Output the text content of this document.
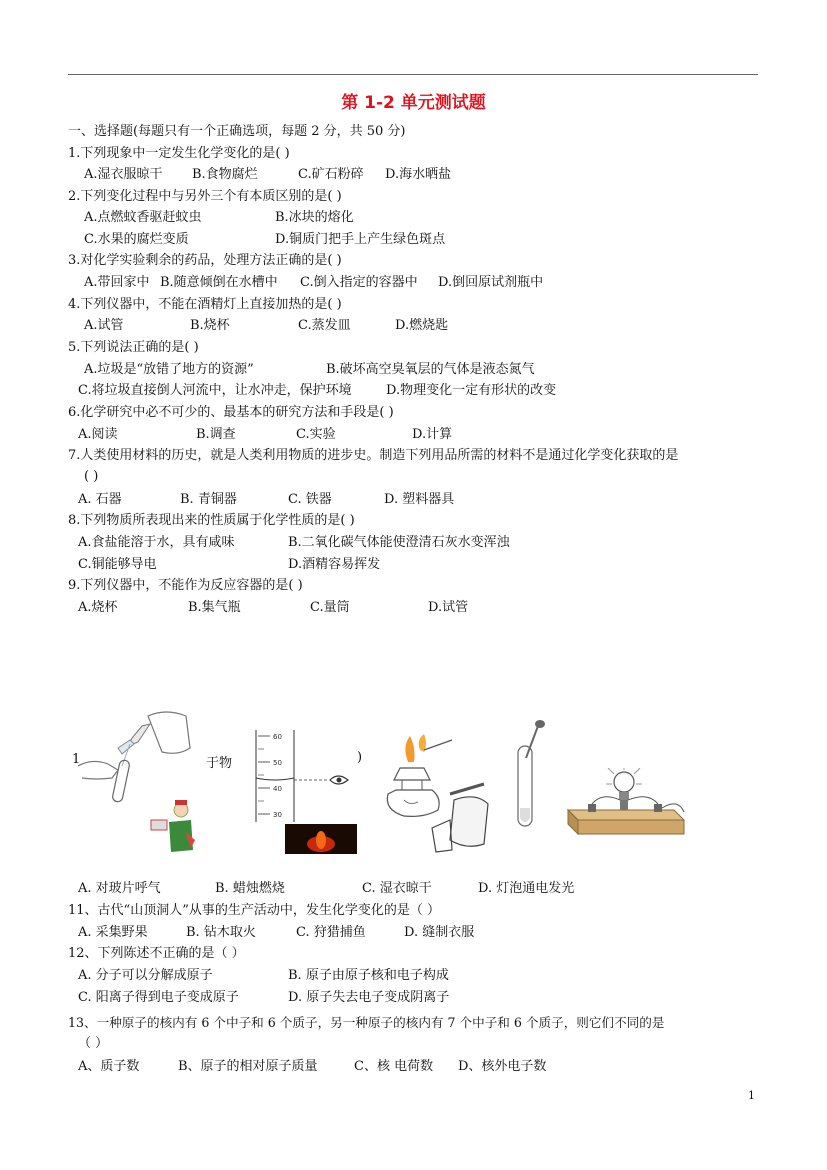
第 1-2 单元测试题
一、选择题(每题只有一个正确选项，每题 2 分，共 50 分)
1.下列现象中一定发生化学变化的是( )
A.湿衣服晾干 B.食物腐烂	C.矿石粉碎 D.海水晒盐
2.下列变化过程中与另外三个有本质区别的是( )
A.点燃蚊香驱赶蚊虫	B.冰块的熔化
C.水果的腐烂变质	D.铜质门把手上产生绿色斑点
3.对化学实验剩余的药品，处理方法正确的是( )
A.带回家中 B.随意倾倒在水槽中 C.倒入指定的容器中 D.倒回原试剂瓶中
4.下列仪器中，不能在酒精灯上直接加热的是( )
A.试管	B.烧杯	C.蒸发皿	D.燃烧匙
5.下列说法正确的是( )
A.垃圾是“放错了地方的资源”	B.破坏高空臭氧层的气体是液态氮气
C.将垃圾直接倒人河流中，让水冲走，保护环境	D.物理变化一定有形状的改变
6.化学研究中必不可少的、最基本的研究方法和手段是( )
A.阅读	B.调查	C.实验	D.计算
7.人类使用材料的历史，就是人类利用物质的进步史。制造下列用品所需的材料不是通过化学变化获取的是
( )
A. 石器	B. 青铜器	C. 铁器	D. 塑料器具
8.下列物质所表现出来的性质属于化学性质的是( )
A.食盐能溶于水，具有咸味	B.二氧化碳气体能使澄清石灰水变浑浊
C.铜能够导电	D.酒精容易挥发
9.下列仪器中，不能作为反应容器的是( )
A.烧杯	B.集气瓶	C.量筒	D.试管
1	于物	)
60
50
40
30
A. 对玻片呼气	B. 蜡烛燃烧	C. 湿衣晾干	D. 灯泡通电发光
11、古代“山顶洞人”从事的生产活动中，发生化学变化的是（ ）
A. 采集野果	B. 钻木取火	C. 狩猎捕鱼	D. 缝制衣服
12、下列陈述不正确的是（ ）
A. 分子可以分解成原子	B. 原子由原子核和电子构成
C. 阳离子得到电子变成原子	D. 原子失去电子变成阴离子
13、一种原子的核内有 6 个中子和 6 个质子，另一种原子的核内有 7 个中子和 6 个质子，则它们不同的是
（ ）
A、质子数	B、原子的相对原子质量	C、核 电荷数 D、核外电子数
1
